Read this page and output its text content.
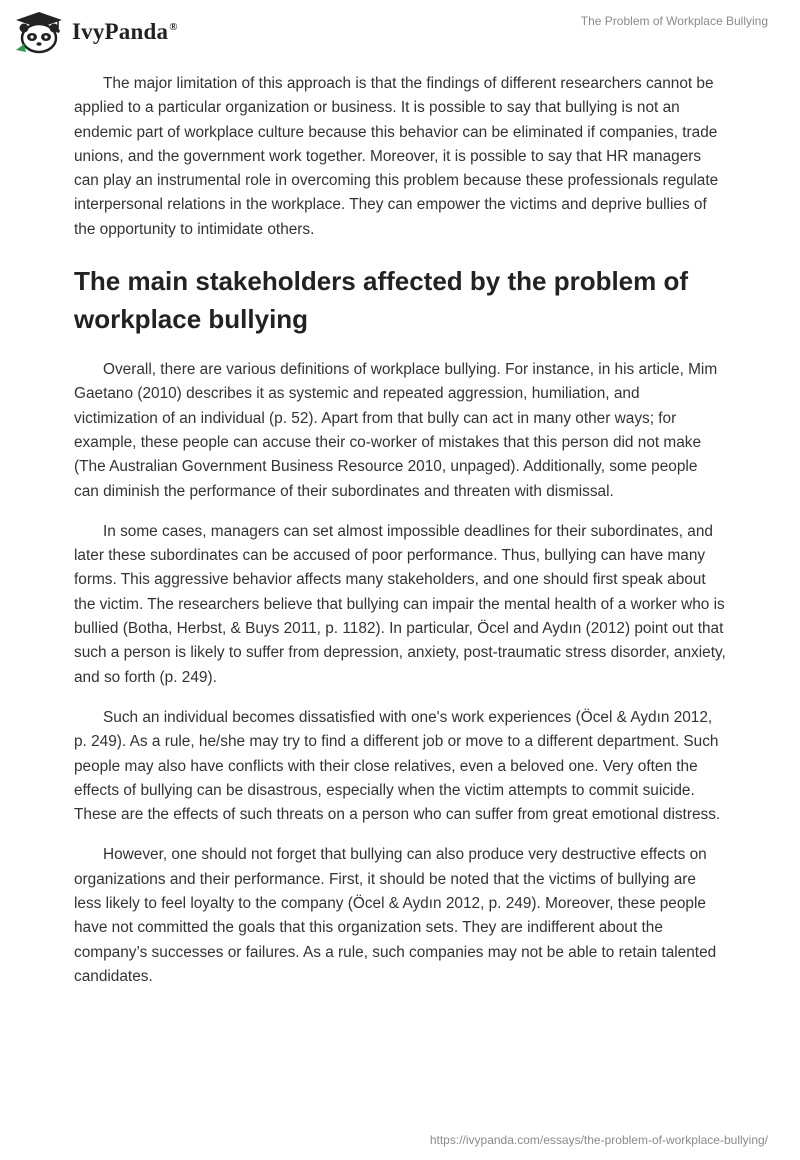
IvyPanda®	The Problem of Workplace Bullying

The major limitation of this approach is that the findings of different researchers cannot be applied to a particular organization or business. It is possible to say that bullying is not an endemic part of workplace culture because this behavior can be eliminated if companies, trade unions, and the government work together. Moreover, it is possible to say that HR managers can play an instrumental role in overcoming this problem because these professionals regulate interpersonal relations in the workplace. They can empower the victims and deprive bullies of the opportunity to intimidate others.

The main stakeholders affected by the problem of workplace bullying

Overall, there are various definitions of workplace bullying. For instance, in his article, Mim Gaetano (2010) describes it as systemic and repeated aggression, humiliation, and victimization of an individual (p. 52). Apart from that bully can act in many other ways; for example, these people can accuse their co-worker of mistakes that this person did not make (The Australian Government Business Resource 2010, unpaged). Additionally, some people can diminish the performance of their subordinates and threaten with dismissal.

In some cases, managers can set almost impossible deadlines for their subordinates, and later these subordinates can be accused of poor performance. Thus, bullying can have many forms. This aggressive behavior affects many stakeholders, and one should first speak about the victim. The researchers believe that bullying can impair the mental health of a worker who is bullied (Botha, Herbst, & Buys 2011, p. 1182). In particular, Öcel and Aydın (2012) point out that such a person is likely to suffer from depression, anxiety, post-traumatic stress disorder, anxiety, and so forth (p. 249).

Such an individual becomes dissatisfied with one's work experiences (Öcel & Aydın 2012, p. 249). As a rule, he/she may try to find a different job or move to a different department. Such people may also have conflicts with their close relatives, even a beloved one. Very often the effects of bullying can be disastrous, especially when the victim attempts to commit suicide. These are the effects of such threats on a person who can suffer from great emotional distress.

However, one should not forget that bullying can also produce very destructive effects on organizations and their performance. First, it should be noted that the victims of bullying are less likely to feel loyalty to the company (Öcel & Aydın 2012, p. 249). Moreover, these people have not committed the goals that this organization sets. They are indifferent about the company’s successes or failures. As a rule, such companies may not be able to retain talented candidates.

https://ivypanda.com/essays/the-problem-of-workplace-bullying/
